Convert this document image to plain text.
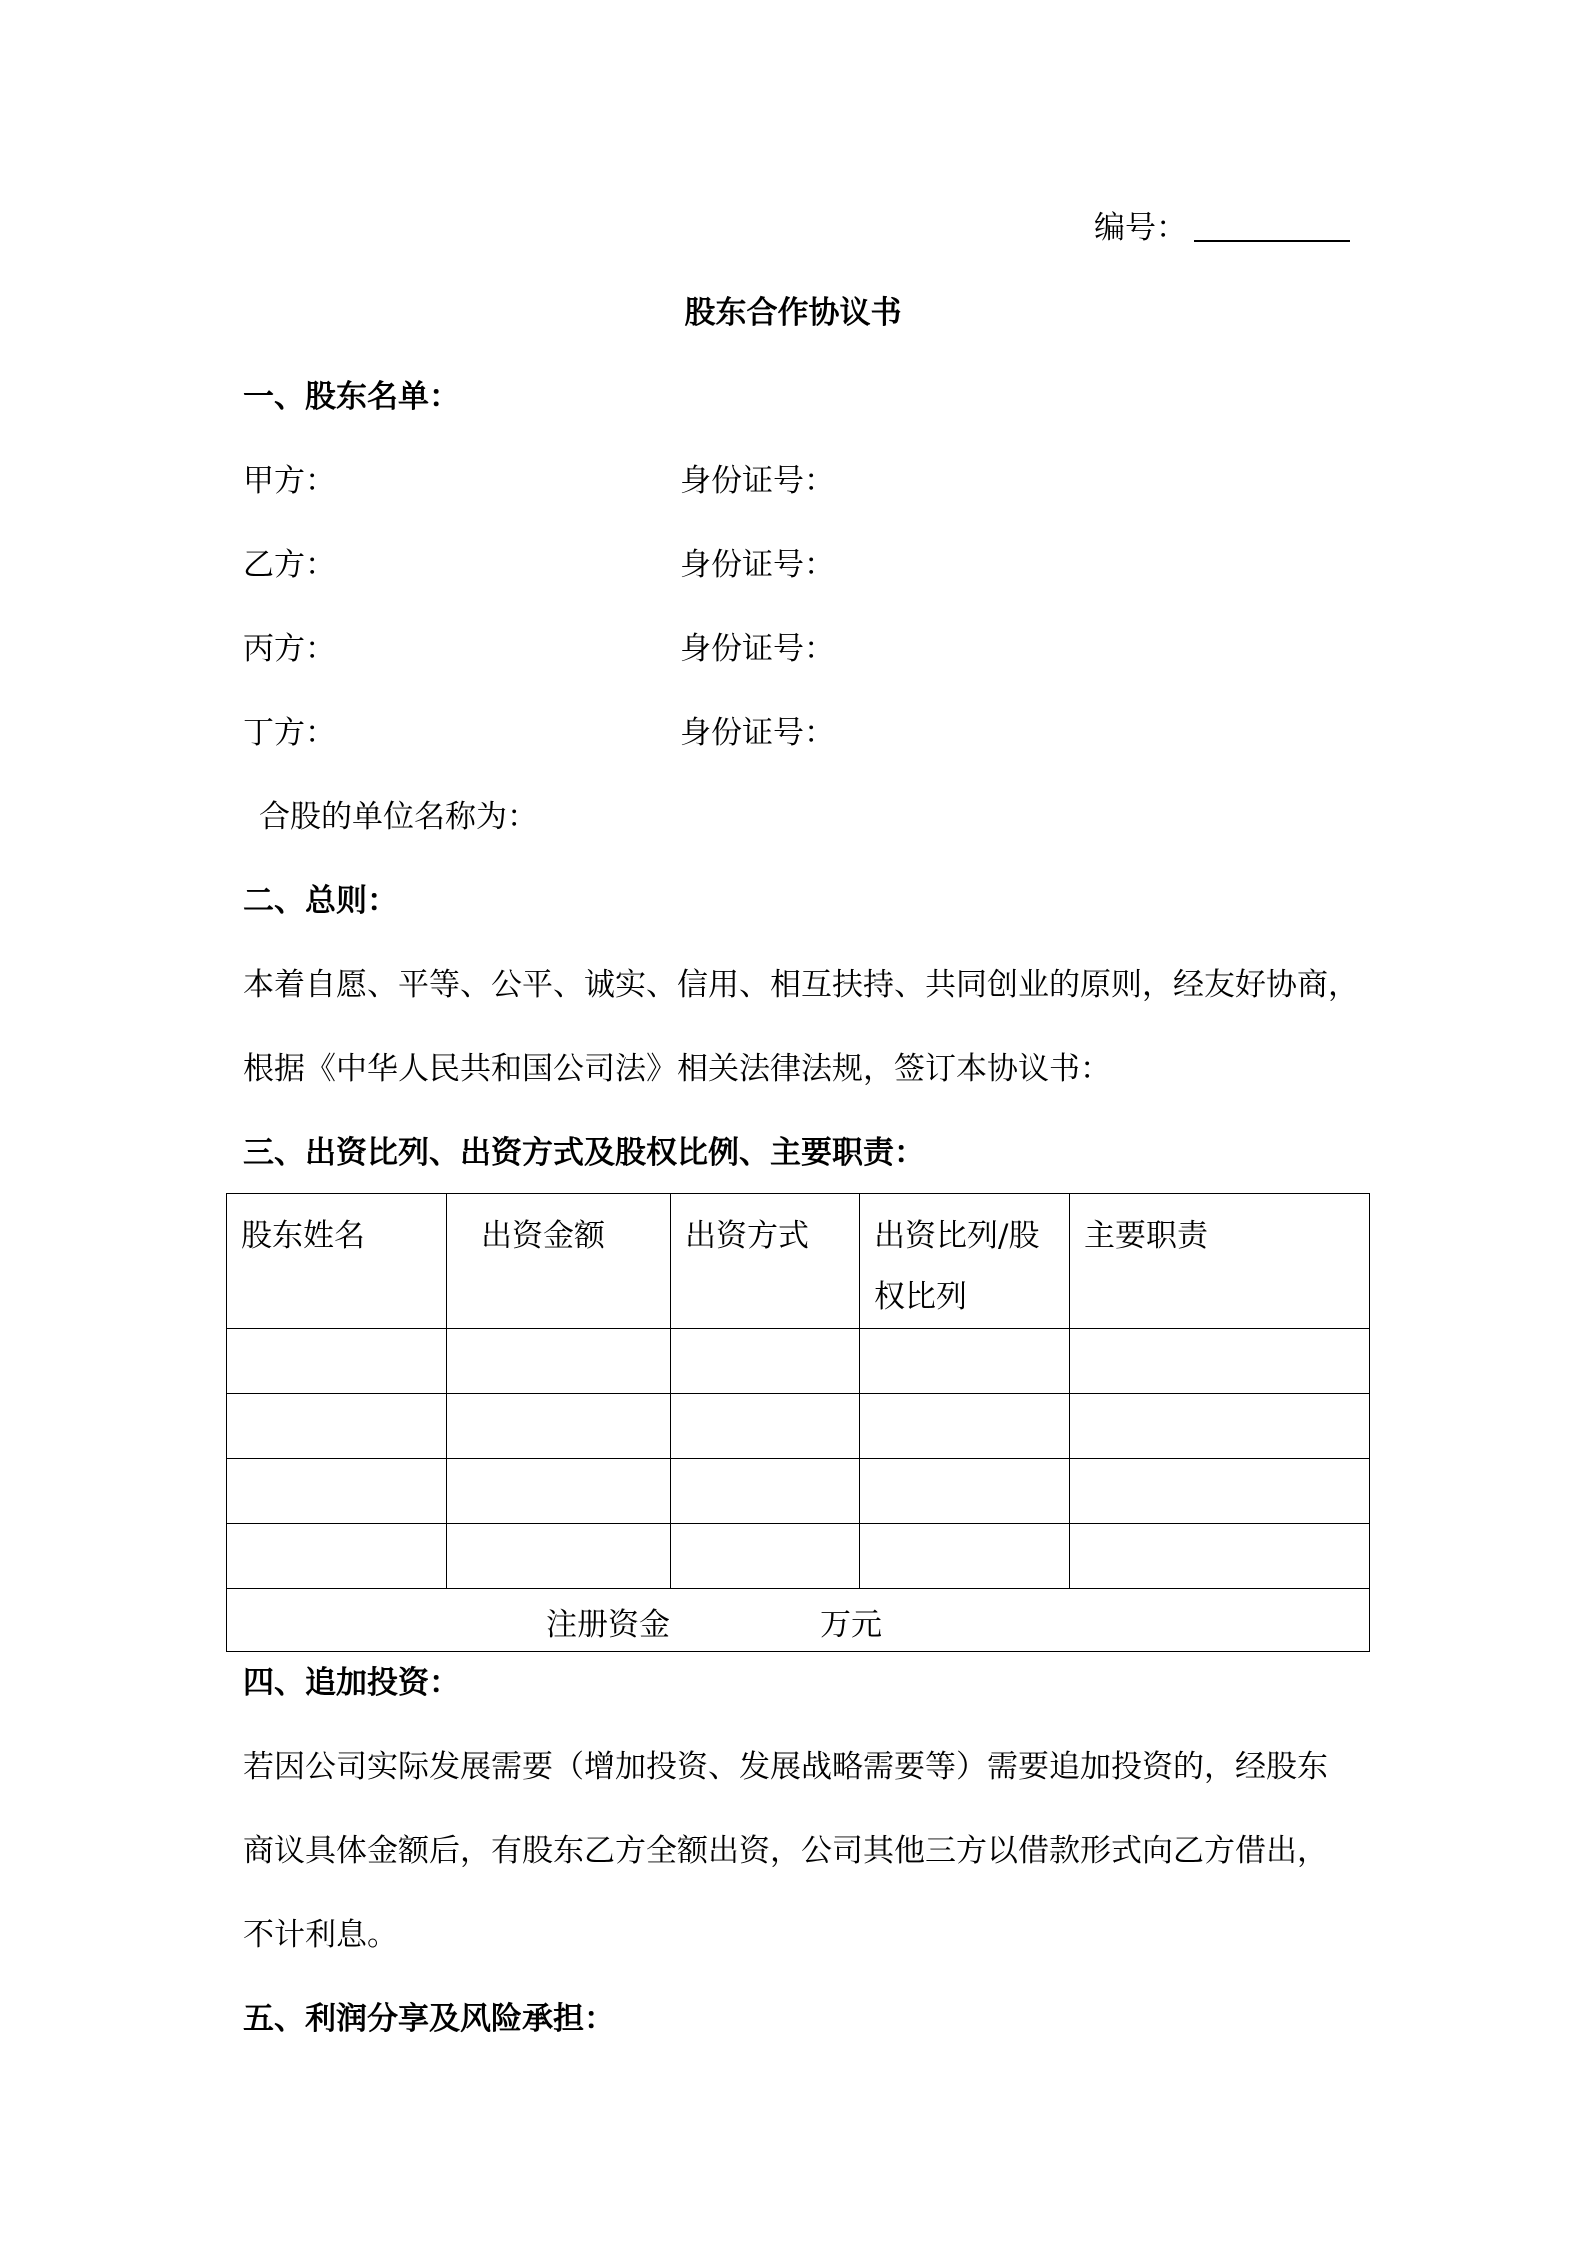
编号：
股东合作协议书
一、股东名单：
甲方：	身份证号：
乙方：	身份证号：
丙方：	身份证号：
丁方：	身份证号：
合股的单位名称为：
二、总则：
本着自愿、平等、公平、诚实、信用、相互扶持、共同创业的原则，经友好协商，
根据《中华人民共和国公司法》相关法律法规，签订本协议书：
三、出资比列、出资方式及股权比例、主要职责：
股东姓名	出资金额	出资方式	出资比列/股权比列	主要职责

注册资金 万元				
四、追加投资：
若因公司实际发展需要（增加投资、发展战略需要等）需要追加投资的，经股东
商议具体金额后，有股东乙方全额出资，公司其他三方以借款形式向乙方借出，
不计利息。
五、利润分享及风险承担：
